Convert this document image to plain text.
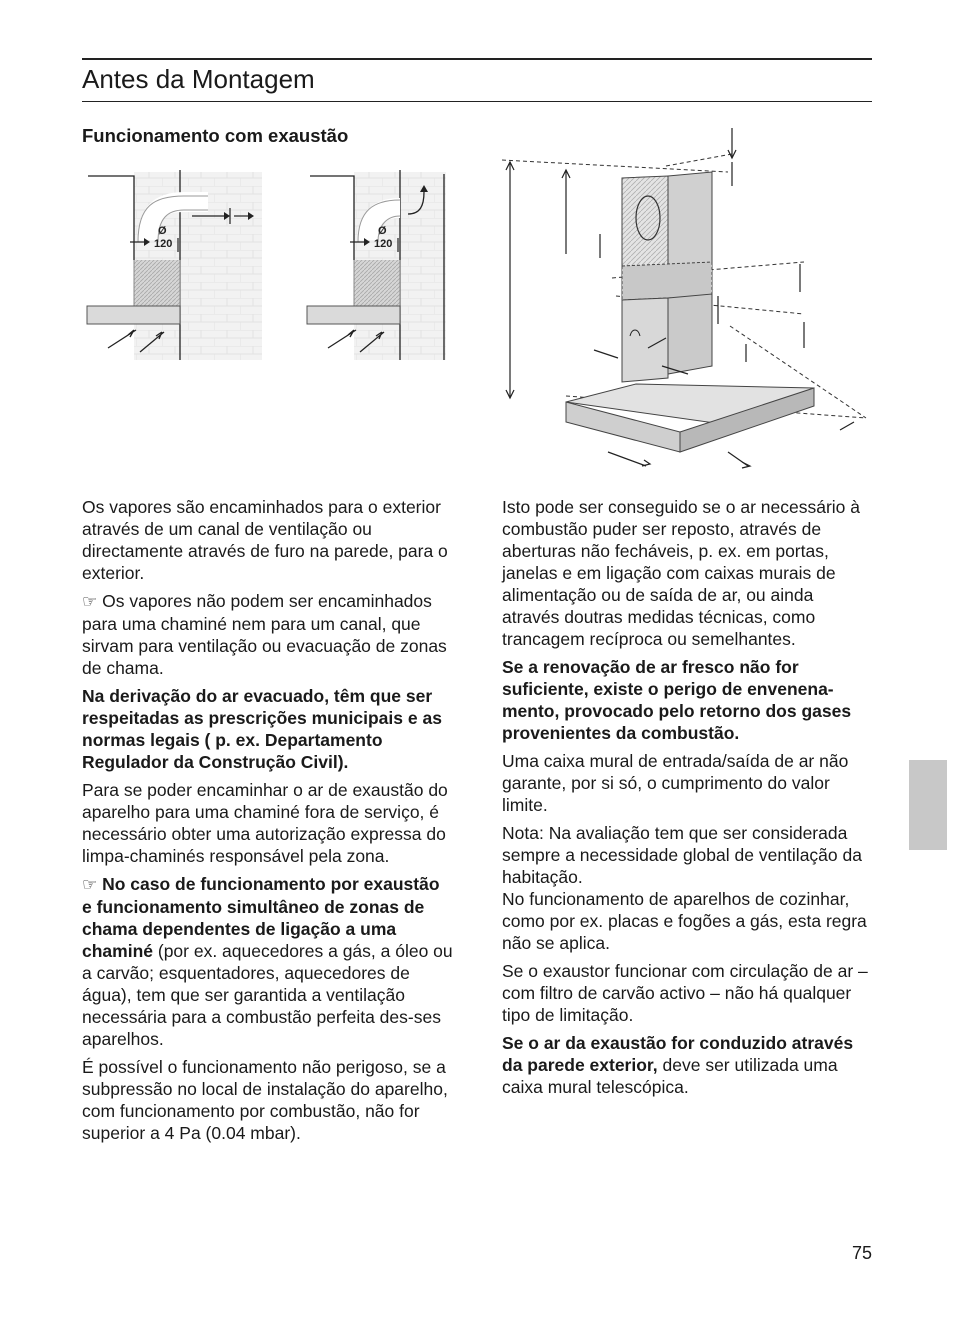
Antes da Montagem
Funcionamento com exaustão
Ø
120
Ø
120

Os vapores são encaminhados para o exterior através de um canal de ventilação ou directamente através de furo na parede, para o exterior.

☞ Os vapores não podem ser encaminhados para uma chaminé nem para um canal, que sirvam para ventilação ou evacuação de zonas de chama.

Na derivação do ar evacuado, têm que ser respeitadas as prescrições municipais e as normas legais ( p. ex. Departamento Regulador da Construção Civil).

Para se poder encaminhar o ar de exaustão do aparelho para uma chaminé fora de serviço, é necessário obter uma autorização expressa do limpa-chaminés responsável pela zona.

☞ No caso de funcionamento por exaustão e funcionamento simultâneo de zonas de chama dependentes de ligação a uma chaminé (por ex. aquecedores a gás, a óleo ou a carvão; esquentadores, aquecedores de água), tem que ser garantida a ventilação necessária para a combustão perfeita des-ses aparelhos.

É possível o funcionamento não perigoso, se a subpressão no local de instalação do aparelho, com funcionamento por combustão, não for superior a 4 Pa (0.04 mbar).

Isto pode ser conseguido se o ar necessário à combustão puder ser reposto, através de aberturas não fecháveis, p. ex. em portas, janelas e em ligação com caixas murais de alimentação ou de saída de ar, ou ainda através doutras medidas técnicas, como trancagem recíproca ou semelhantes.

Se a renovação de ar fresco não for suficiente, existe o perigo de envenena-mento, provocado pelo retorno dos gases provenientes da combustão.

Uma caixa mural de entrada/saída de ar não garante, por si só, o cumprimento do valor limite.

Nota: Na avaliação tem que ser considerada sempre a necessidade global de ventilação da habitação.

No funcionamento de aparelhos de cozinhar, como por ex. placas e fogões a gás, esta regra não se aplica.

Se o exaustor funcionar com circulação de ar – com filtro de carvão activo – não há qualquer tipo de limitação.

Se o ar da exaustão for conduzido através da parede exterior, deve ser utilizada uma caixa mural telescópica.

75
